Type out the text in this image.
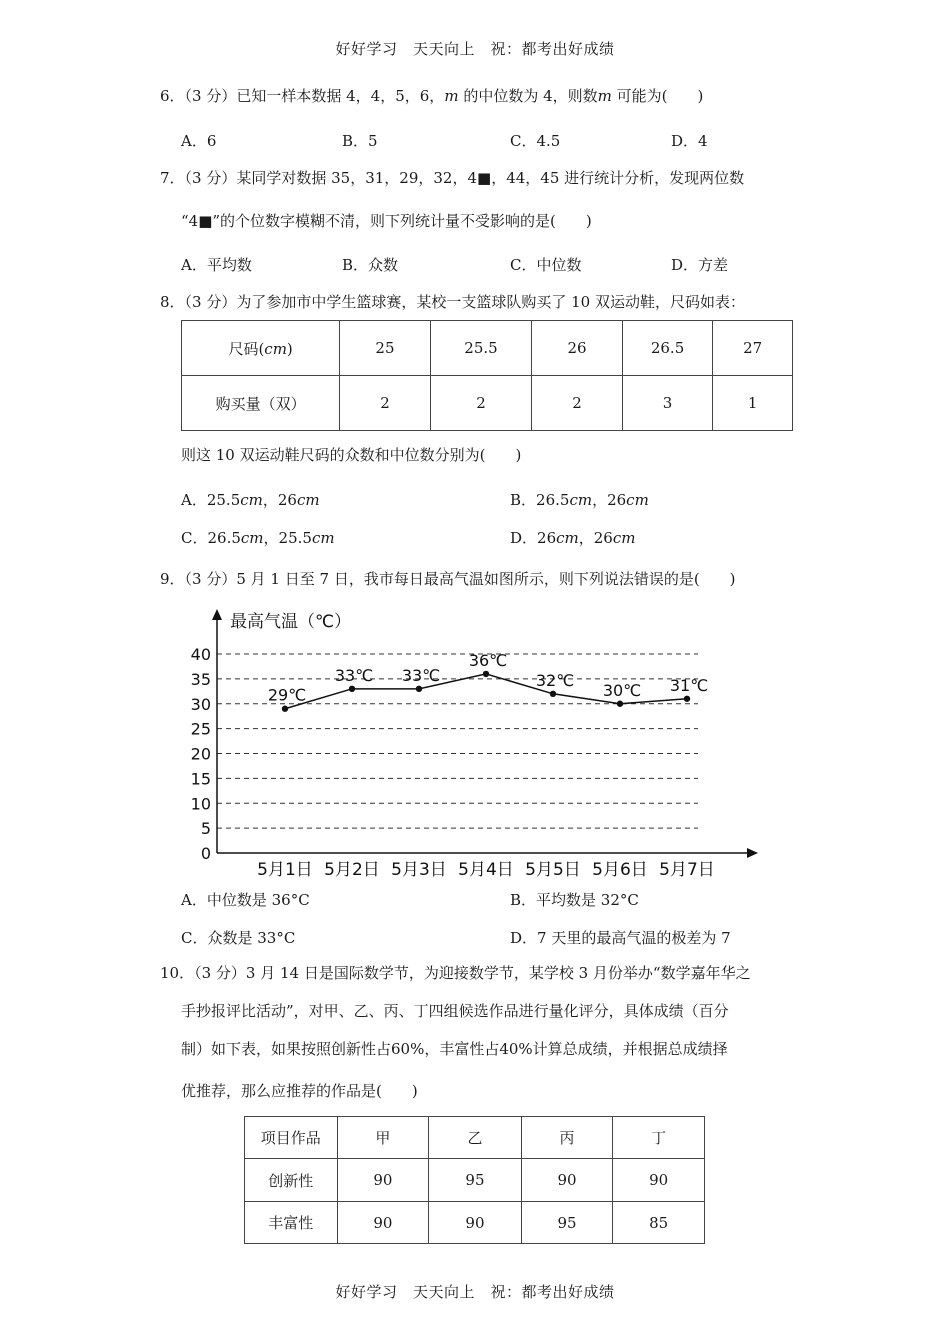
好好学习　天天向上　祝：都考出好成绩
6．（3 分）已知一样本数据 4，4，5，6，m 的中位数为 4，则数m 可能为(　　)
A．6	B．5	C．4.5	D．4
7．（3 分）某同学对数据 35，31，29，32，4■，44，45 进行统计分析，发现两位数
“4■”的个位数字模糊不清，则下列统计量不受影响的是(　　)
A．平均数	B．众数	C．中位数	D．方差
8．（3 分）为了参加市中学生篮球赛，某校一支篮球队购买了 10 双运动鞋，尺码如表：
尺码(cm)	25	25.5	26	26.5	27
购买量（双）	2	2	2	3	1
则这 10 双运动鞋尺码的众数和中位数分别为(　　)
A．25.5cm，26cm	B．26.5cm，26cm
C．26.5cm，25.5cm	D．26cm，26cm
9．（3 分）5 月 1 日至 7 日，我市每日最高气温如图所示，则下列说法错误的是(　　)
最高气温（℃）
0
5
10
15
20
25
30
35
40
5月1日 5月2日 5月3日 5月4日 5月5日 5月6日 5月7日
29℃
33℃ 33℃
36℃
32℃
30℃ 31℃
A．中位数是 36°C	B．平均数是 32°C
C．众数是 33°C	D．7 天里的最高气温的极差为 7
10．（3 分）3 月 14 日是国际数学节，为迎接数学节，某学校 3 月份举办“数学嘉年华之
手抄报评比活动”，对甲、乙、丙、丁四组候选作品进行量化评分，具体成绩（百分
制）如下表，如果按照创新性占60%，丰富性占40%计算总成绩，并根据总成绩择
优推荐，那么应推荐的作品是(　　)
项目作品	甲	乙	丙	丁
创新性	90	95	90	90
丰富性	90	90	95	85
好好学习　天天向上　祝：都考出好成绩
